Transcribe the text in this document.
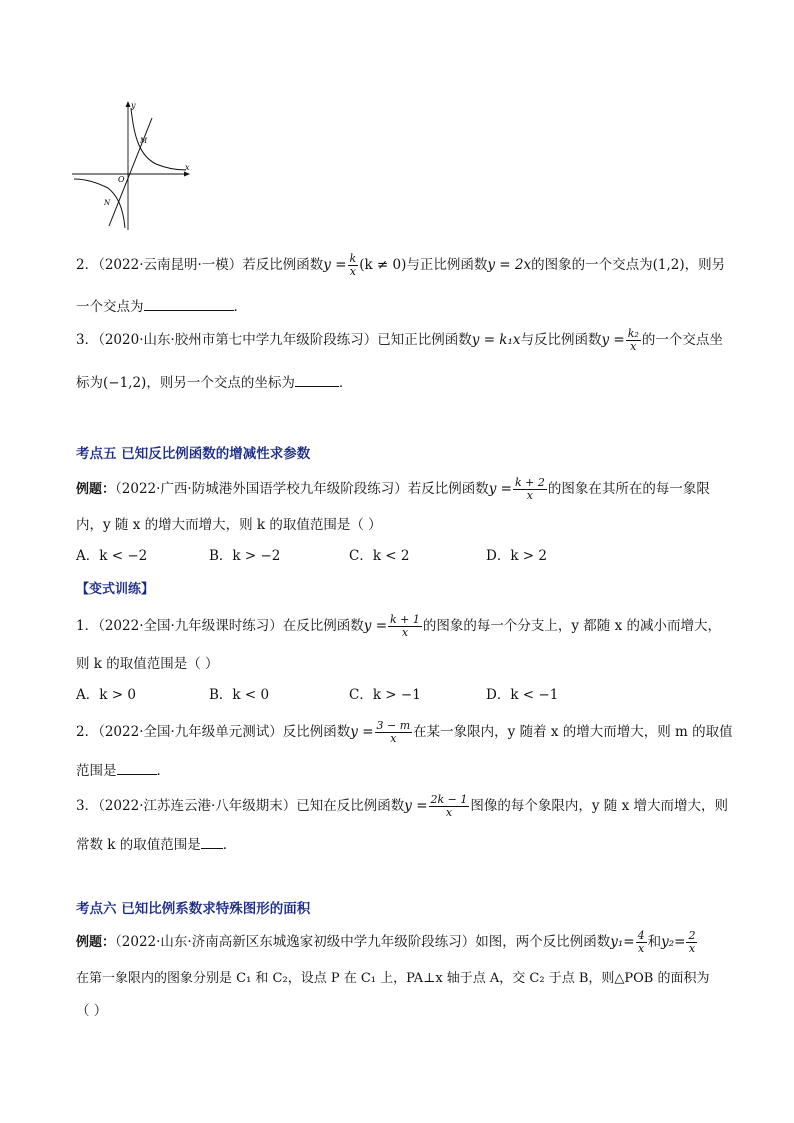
y
x
O
M
N
2．（2022·云南昆明·一模）若反比例函数$y = \frac{k}{x} (k \ne 0)$与正比例函数y = 2x的图象的一个交点为(1,2)，则另
一个交点为	．
3．（2020·山东·胶州市第七中学九年级阶段练习）已知正比例函数y = k₁x与反比例函数$y = \frac{\text{k₂}}{x}$ 的一个交点坐
标为(−1,2)，则另一个交点的坐标为	．
考点五 已知反比例函数的增减性求参数
例题：（2022·广西·防城港外国语学校九年级阶段练习）若反比例函数$y = \frac{k + 2}{x}$ 的图象在其所在的每一象限
内，y 随 x 的增大而增大，则 k 的取值范围是（ ）
A．k < −2	B．k > −2	C．k < 2	D．k > 2
【变式训练】
1．（2022·全国·九年级课时练习）在反比例函数$y = \frac{k + 1}{x}$ 的图象的每一个分支上，y 都随 x 的减小而增大，
则 k 的取值范围是（ ）
A．k > 0	B．k < 0	C．k > −1	D．k < −1
2．（2022·全国·九年级单元测试）反比例函数$y = \frac{3 - m}{x}$ 在某一象限内，y 随着 x 的增大而增大，则 m 的取值
范围是	．
3．（2022·江苏连云港·八年级期末）已知在反比例函数$y = \frac{2k - 1}{x}$ 图像的每个象限内，y 随 x 增大而增大，则
常数 k 的取值范围是 ．
考点六 已知比例系数求特殊图形的面积
例题：（2022·山东·济南高新区东城逸家初级中学九年级阶段练习）如图，两个反比例函数$y_1= \frac{4}{x}$ 和$y_2= \frac{2}{x}$
在第一象限内的图象分别是 C₁ 和 C₂，设点 P 在 C₁ 上，PA⊥x 轴于点 A，交 C₂ 于点 B，则△POB 的面积为
（ ）
